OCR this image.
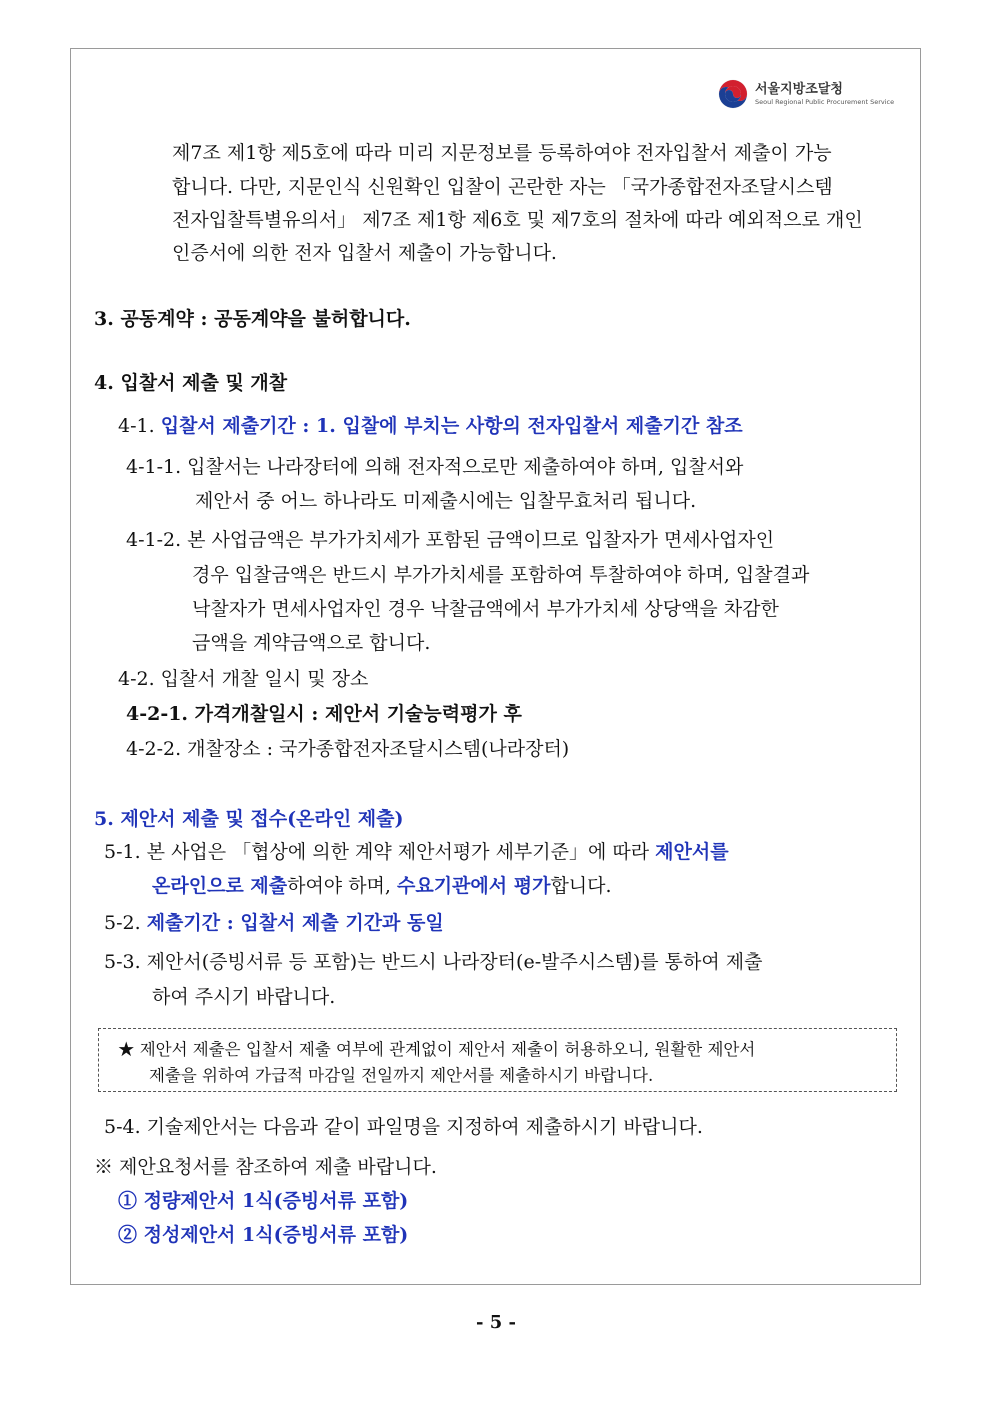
서울지방조달청
Seoul Regional Public Procurement Service
제7조 제1항 제5호에 따라 미리 지문정보를 등록하여야 전자입찰서 제출이 가능
합니다. 다만, 지문인식 신원확인 입찰이 곤란한 자는 「국가종합전자조달시스템
전자입찰특별유의서」 제7조 제1항 제6호 및 제7호의 절차에 따라 예외적으로 개인
인증서에 의한 전자 입찰서 제출이 가능합니다.
3. 공동계약 : 공동계약을 불허합니다.
4. 입찰서 제출 및 개찰
4-1. 입찰서 제출기간 : 1. 입찰에 부치는 사항의 전자입찰서 제출기간 참조
4-1-1. 입찰서는 나라장터에 의해 전자적으로만 제출하여야 하며, 입찰서와
제안서 중 어느 하나라도 미제출시에는 입찰무효처리 됩니다.
4-1-2. 본 사업금액은 부가가치세가 포함된 금액이므로 입찰자가 면세사업자인
경우 입찰금액은 반드시 부가가치세를 포함하여 투찰하여야 하며, 입찰결과
낙찰자가 면세사업자인 경우 낙찰금액에서 부가가치세 상당액을 차감한
금액을 계약금액으로 합니다.
4-2. 입찰서 개찰 일시 및 장소
4-2-1. 가격개찰일시 : 제안서 기술능력평가 후
4-2-2. 개찰장소 : 국가종합전자조달시스템(나라장터)
5. 제안서 제출 및 접수(온라인 제출)
5-1. 본 사업은 「협상에 의한 계약 제안서평가 세부기준」에 따라 제안서를
온라인으로 제출하여야 하며, 수요기관에서 평가합니다.
5-2. 제출기간 : 입찰서 제출 기간과 동일
5-3. 제안서(증빙서류 등 포함)는 반드시 나라장터(e-발주시스템)를 통하여 제출
하여 주시기 바랍니다.
★ 제안서 제출은 입찰서 제출 여부에 관계없이 제안서 제출이 허용하오니, 원활한 제안서
제출을 위하여 가급적 마감일 전일까지 제안서를 제출하시기 바랍니다.
5-4. 기술제안서는 다음과 같이 파일명을 지정하여 제출하시기 바랍니다.
※ 제안요청서를 참조하여 제출 바랍니다.
① 정량제안서 1식(증빙서류 포함)
② 정성제안서 1식(증빙서류 포함)
- 5 -
